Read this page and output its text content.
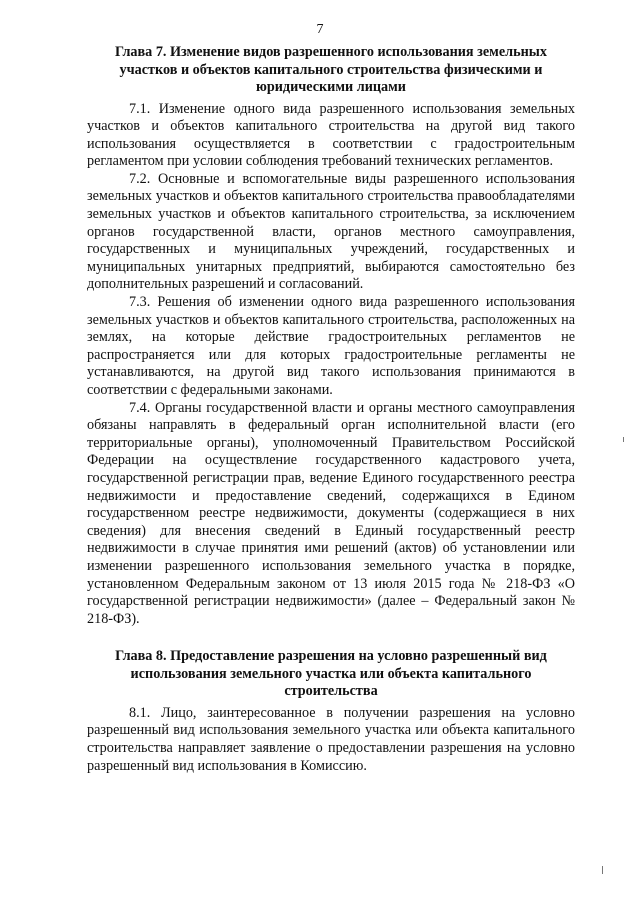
7
Глава 7. Изменение видов разрешенного использования земельных
участков и объектов капитального строительства физическими и
юридическими лицами

7.1. Изменение одного вида разрешенного использования земельных участков и объектов капитального строительства на другой вид такого использования осуществляется в соответствии с градостроительным регламентом при условии соблюдения требований технических регламентов.

7.2. Основные и вспомогательные виды разрешенного использования земельных участков и объектов капитального строительства правообладателями земельных участков и объектов капитального строительства, за исключением органов государственной власти, органов местного самоуправления, государственных и муниципальных учреждений, государственных и муниципальных унитарных предприятий, выбираются самостоятельно без дополнительных разрешений и согласований.

7.3. Решения об изменении одного вида разрешенного использования земельных участков и объектов капитального строительства, расположенных на землях, на которые действие градостроительных регламентов не распространяется или для которых градостроительные регламенты не устанавливаются, на другой вид такого использования принимаются в соответствии с федеральными законами.

7.4. Органы государственной власти и органы местного самоуправления обязаны направлять в федеральный орган исполнительной власти (его территориальные органы), уполномоченный Правительством Российской Федерации на осуществление государственного кадастрового учета, государственной регистрации прав, ведение Единого государственного реестра недвижимости и предоставление сведений, содержащихся в Едином государственном реестре недвижимости, документы (содержащиеся в них сведения) для внесения сведений в Единый государственный реестр недвижимости в случае принятия ими решений (актов) об установлении или изменении разрешенного использования земельного участка в порядке, установленном Федеральным законом от 13 июля 2015 года № 218-ФЗ «О государственной регистрации недвижимости» (далее – Федеральный закон № 218-ФЗ).

Глава 8. Предоставление разрешения на условно разрешенный вид
использования земельного участка или объекта капитального
строительства

8.1. Лицо, заинтересованное в получении разрешения на условно разрешенный вид использования земельного участка или объекта капитального строительства направляет заявление о предоставлении разрешения на условно разрешенный вид использования в Комиссию.
